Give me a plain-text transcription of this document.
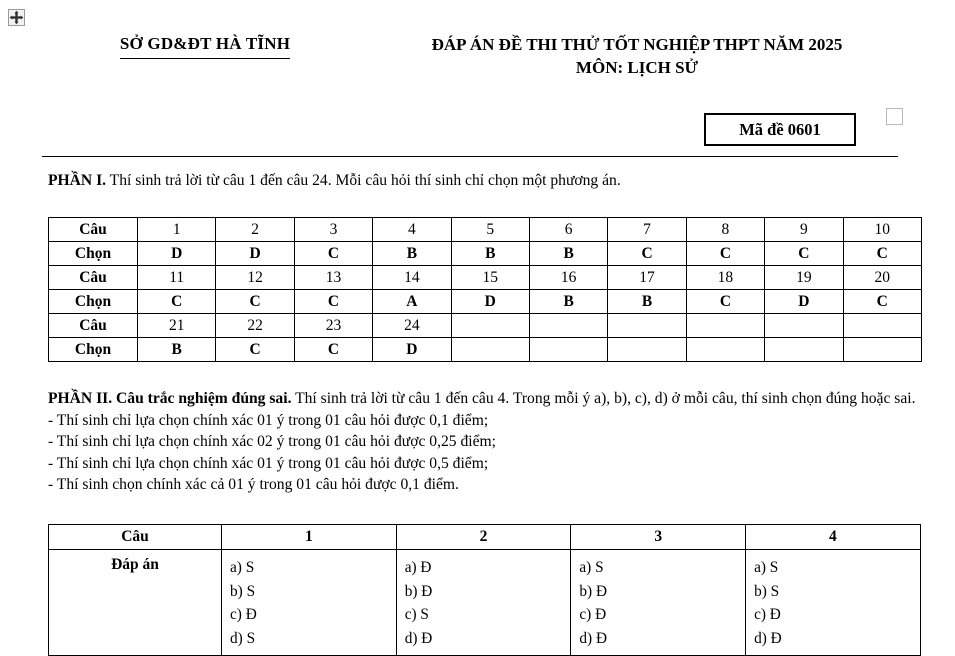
SỞ GD&ĐT HÀ TĨNH	ĐÁP ÁN ĐỀ THI THỬ TỐT NGHIỆP THPT NĂM 2025
MÔN: LỊCH SỬ
Mã đề 0601
PHẦN I. Thí sinh trả lời từ câu 1 đến câu 24. Mỗi câu hỏi thí sinh chỉ chọn một phương án.
Câu	1	2	3	4	5	6	7	8	9	10
Chọn	D	D	C	B	B	B	C	C	C	C
Câu	11	12	13	14	15	16	17	18	19	20
Chọn	C	C	C	A	D	B	B	C	D	C
Câu	21	22	23	24						
Chọn	B	C	C	D						
PHẦN II. Câu trắc nghiệm đúng sai. Thí sinh trả lời từ câu 1 đến câu 4. Trong mỗi ý a), b), c), d) ở mỗi câu, thí sinh chọn đúng hoặc sai.
- Thí sinh chỉ lựa chọn chính xác 01 ý trong 01 câu hỏi được 0,1 điểm;
- Thí sinh chỉ lựa chọn chính xác 02 ý trong 01 câu hỏi được 0,25 điểm;
- Thí sinh chỉ lựa chọn chính xác 01 ý trong 01 câu hỏi được 0,5 điểm;
- Thí sinh chọn chính xác cả 01 ý trong 01 câu hỏi được 0,1 điểm.
Câu	1	2	3	4
Đáp án	a) S
b) S
c) Đ
d) S

a) Đ
b) Đ
c) S
d) Đ

a) S
b) Đ
c) Đ
d) Đ

a) S
b) S
c) Đ
d) Đ
